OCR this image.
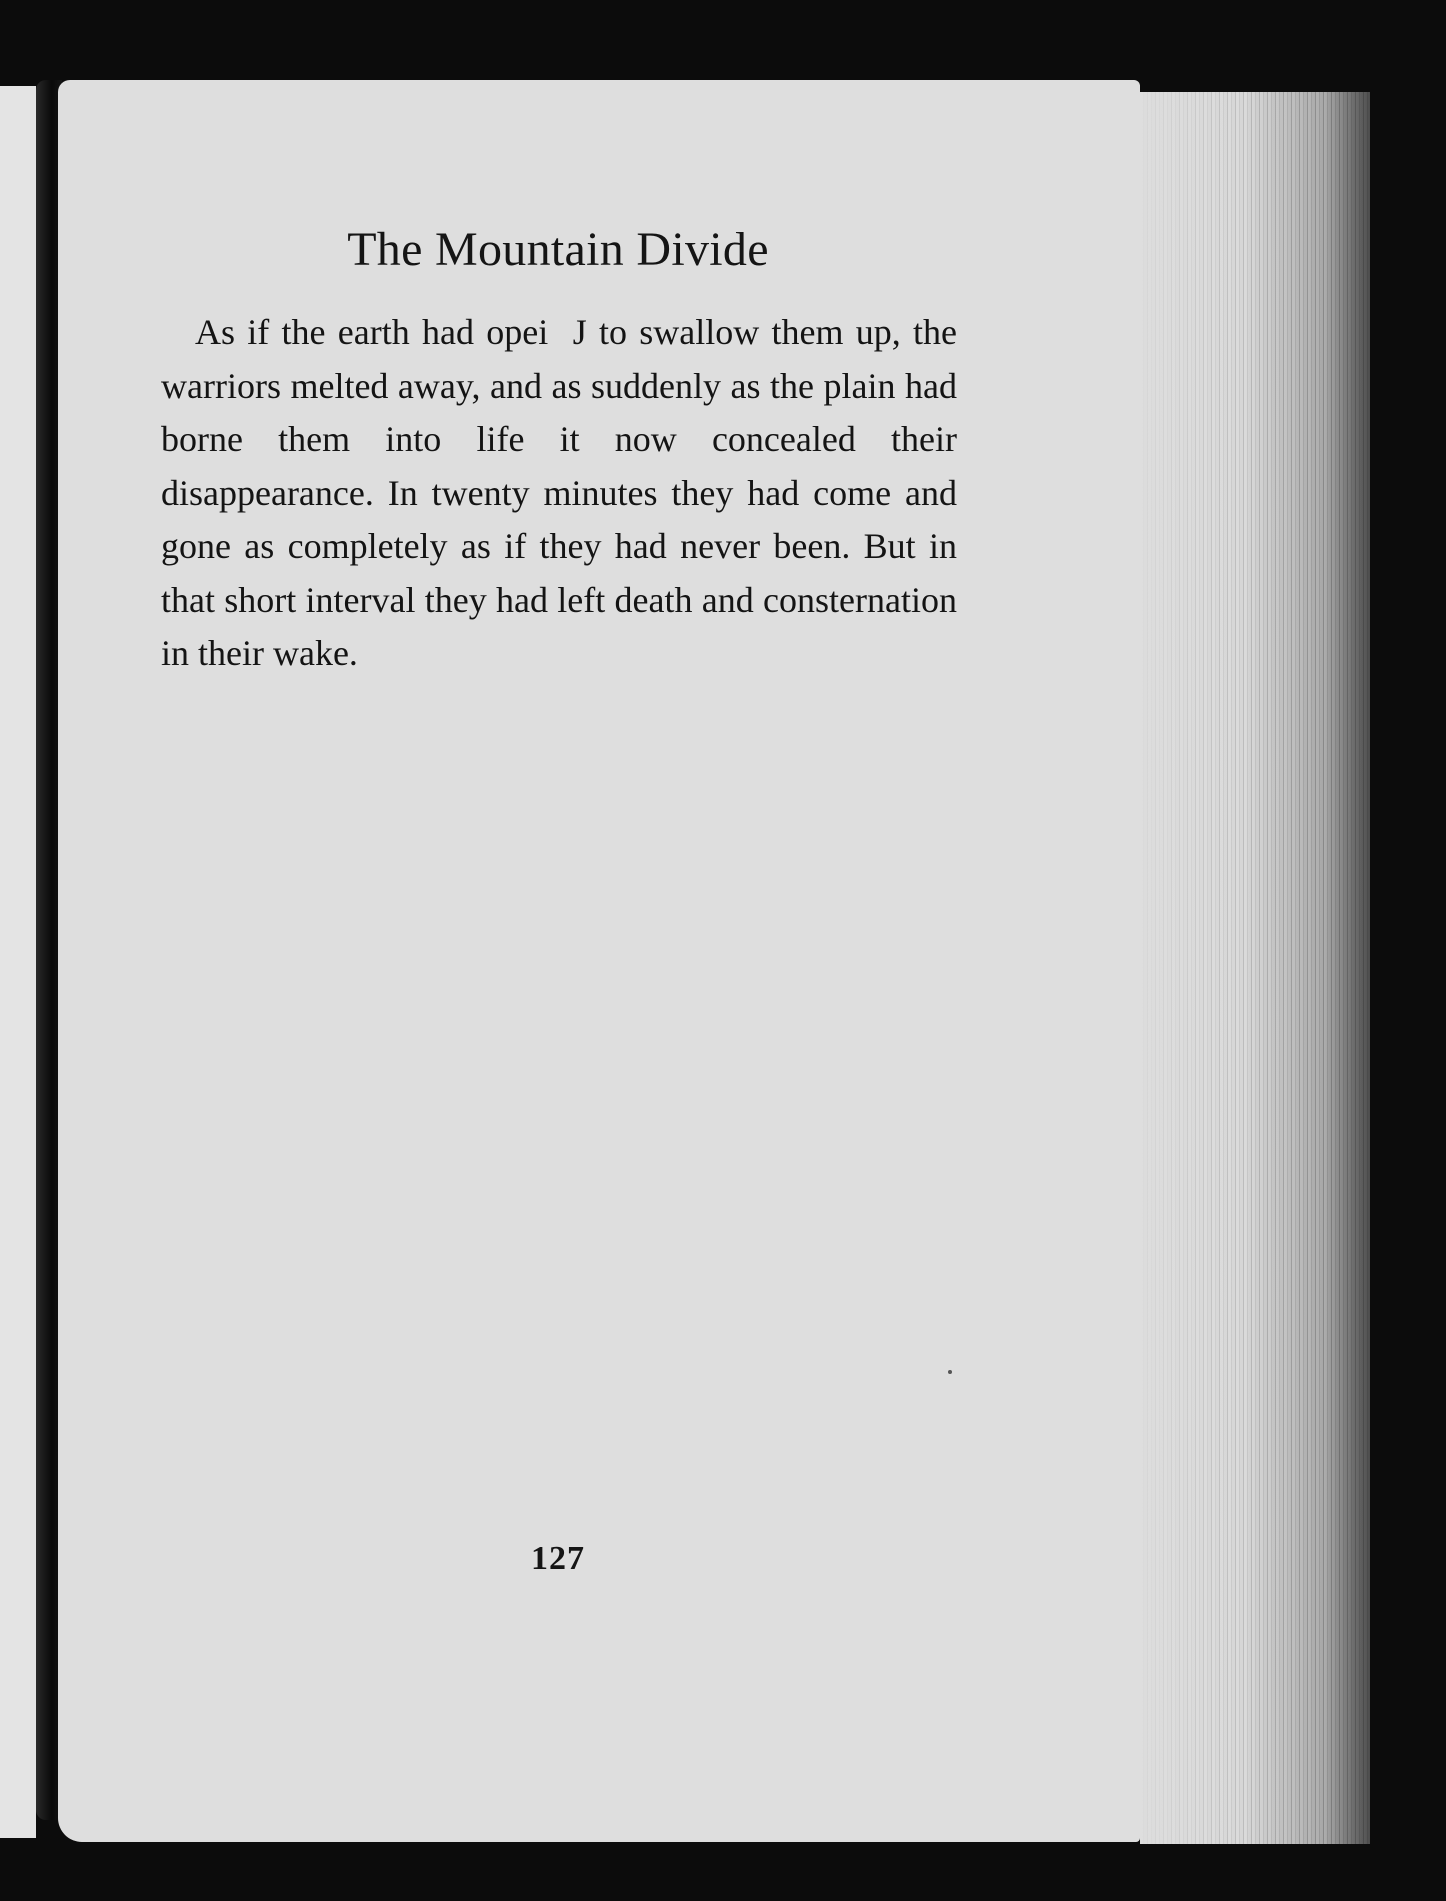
The Mountain Divide

As if the earth had opei  J to swallow them up, the warriors melted away, and as suddenly as the plain had borne them into life it now concealed their disappearance. In twenty minutes they had come and gone as completely as if they had never been. But in that short interval they had left death and consternation in their wake.

127
